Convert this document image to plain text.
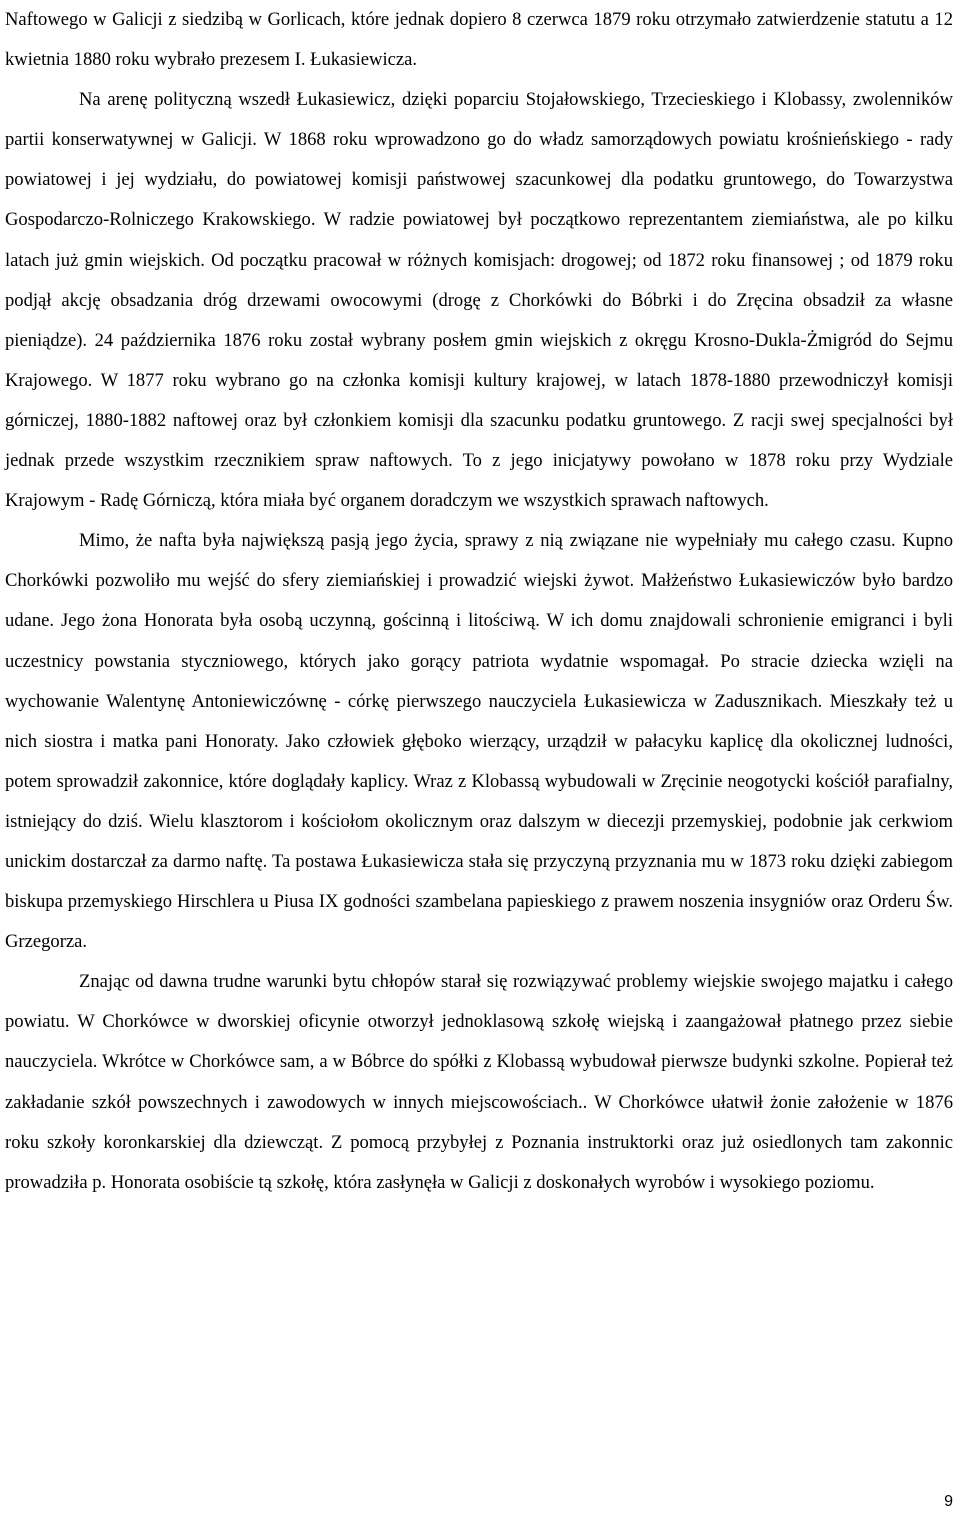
Naftowego w Galicji z siedzibą w Gorlicach, które jednak dopiero 8 czerwca 1879 roku otrzymało zatwierdzenie statutu a 12 kwietnia 1880 roku wybrało prezesem I. Łukasiewicza.

Na arenę polityczną wszedł Łukasiewicz, dzięki poparciu Stojałowskiego, Trzecieskiego i Klobassy, zwolenników partii konserwatywnej w Galicji. W 1868 roku wprowadzono go do władz samorządowych powiatu krośnieńskiego - rady powiatowej i jej wydziału, do powiatowej komisji państwowej szacunkowej dla podatku gruntowego, do Towarzystwa Gospodarczo-Rolniczego Krakowskiego. W radzie powiatowej był początkowo reprezentantem ziemiaństwa, ale po kilku latach już gmin wiejskich. Od początku pracował w różnych komisjach: drogowej; od 1872 roku finansowej ; od 1879 roku podjął akcję obsadzania dróg drzewami owocowymi (drogę z Chorkówki do Bóbrki i do Zręcina obsadził za własne pieniądze). 24 października 1876 roku został wybrany posłem gmin wiejskich z okręgu Krosno-Dukla-Żmigród do Sejmu Krajowego. W 1877 roku wybrano go na członka komisji kultury krajowej, w latach 1878-1880 przewodniczył komisji górniczej, 1880-1882 naftowej oraz był członkiem komisji dla szacunku podatku gruntowego. Z racji swej specjalności był jednak przede wszystkim rzecznikiem spraw naftowych. To z jego inicjatywy powołano w 1878 roku przy Wydziale Krajowym - Radę Górniczą, która miała być organem doradczym we wszystkich sprawach naftowych.

Mimo, że nafta była największą pasją jego życia, sprawy z nią związane nie wypełniały mu całego czasu. Kupno Chorkówki pozwoliło mu wejść do sfery ziemiańskiej i prowadzić wiejski żywot. Małżeństwo Łukasiewiczów było bardzo udane. Jego żona Honorata była osobą uczynną, gościnną i litościwą. W ich domu znajdowali schronienie emigranci i byli uczestnicy powstania styczniowego, których jako gorący patriota wydatnie wspomagał. Po stracie dziecka wzięli na wychowanie Walentynę Antoniewiczównę - córkę pierwszego nauczyciela Łukasiewicza w Zadusznikach. Mieszkały też u nich siostra i matka pani Honoraty. Jako człowiek głęboko wierzący, urządził w pałacyku kaplicę dla okolicznej ludności, potem sprowadził zakonnice, które doglądały kaplicy. Wraz z Klobassą wybudowali w Zręcinie neogotycki kościół parafialny, istniejący do dziś. Wielu klasztorom i kościołom okolicznym oraz dalszym w diecezji przemyskiej, podobnie jak cerkwiom unickim dostarczał za darmo naftę. Ta postawa Łukasiewicza stała się przyczyną przyznania mu w 1873 roku dzięki zabiegom biskupa przemyskiego Hirschlera u Piusa IX godności szambelana papieskiego z prawem noszenia insygniów oraz Orderu Św. Grzegorza.

Znając od dawna trudne warunki bytu chłopów starał się rozwiązywać problemy wiejskie swojego majatku i całego powiatu. W Chorkówce w dworskiej oficynie otworzył jednoklasową szkołę wiejską i zaangażował płatnego przez siebie nauczyciela. Wkrótce w Chorkówce sam, a w Bóbrce do spółki z Klobassą wybudował pierwsze budynki szkolne. Popierał też zakładanie szkół powszechnych i zawodowych w innych miejscowościach.. W Chorkówce ułatwił żonie założenie w 1876 roku szkoły koronkarskiej dla dziewcząt. Z pomocą przybyłej z Poznania instruktorki oraz już osiedlonych tam zakonnic prowadziła p. Honorata osobiście tą szkołę, która zasłynęła w Galicji z doskonałych wyrobów i wysokiego poziomu.

9
